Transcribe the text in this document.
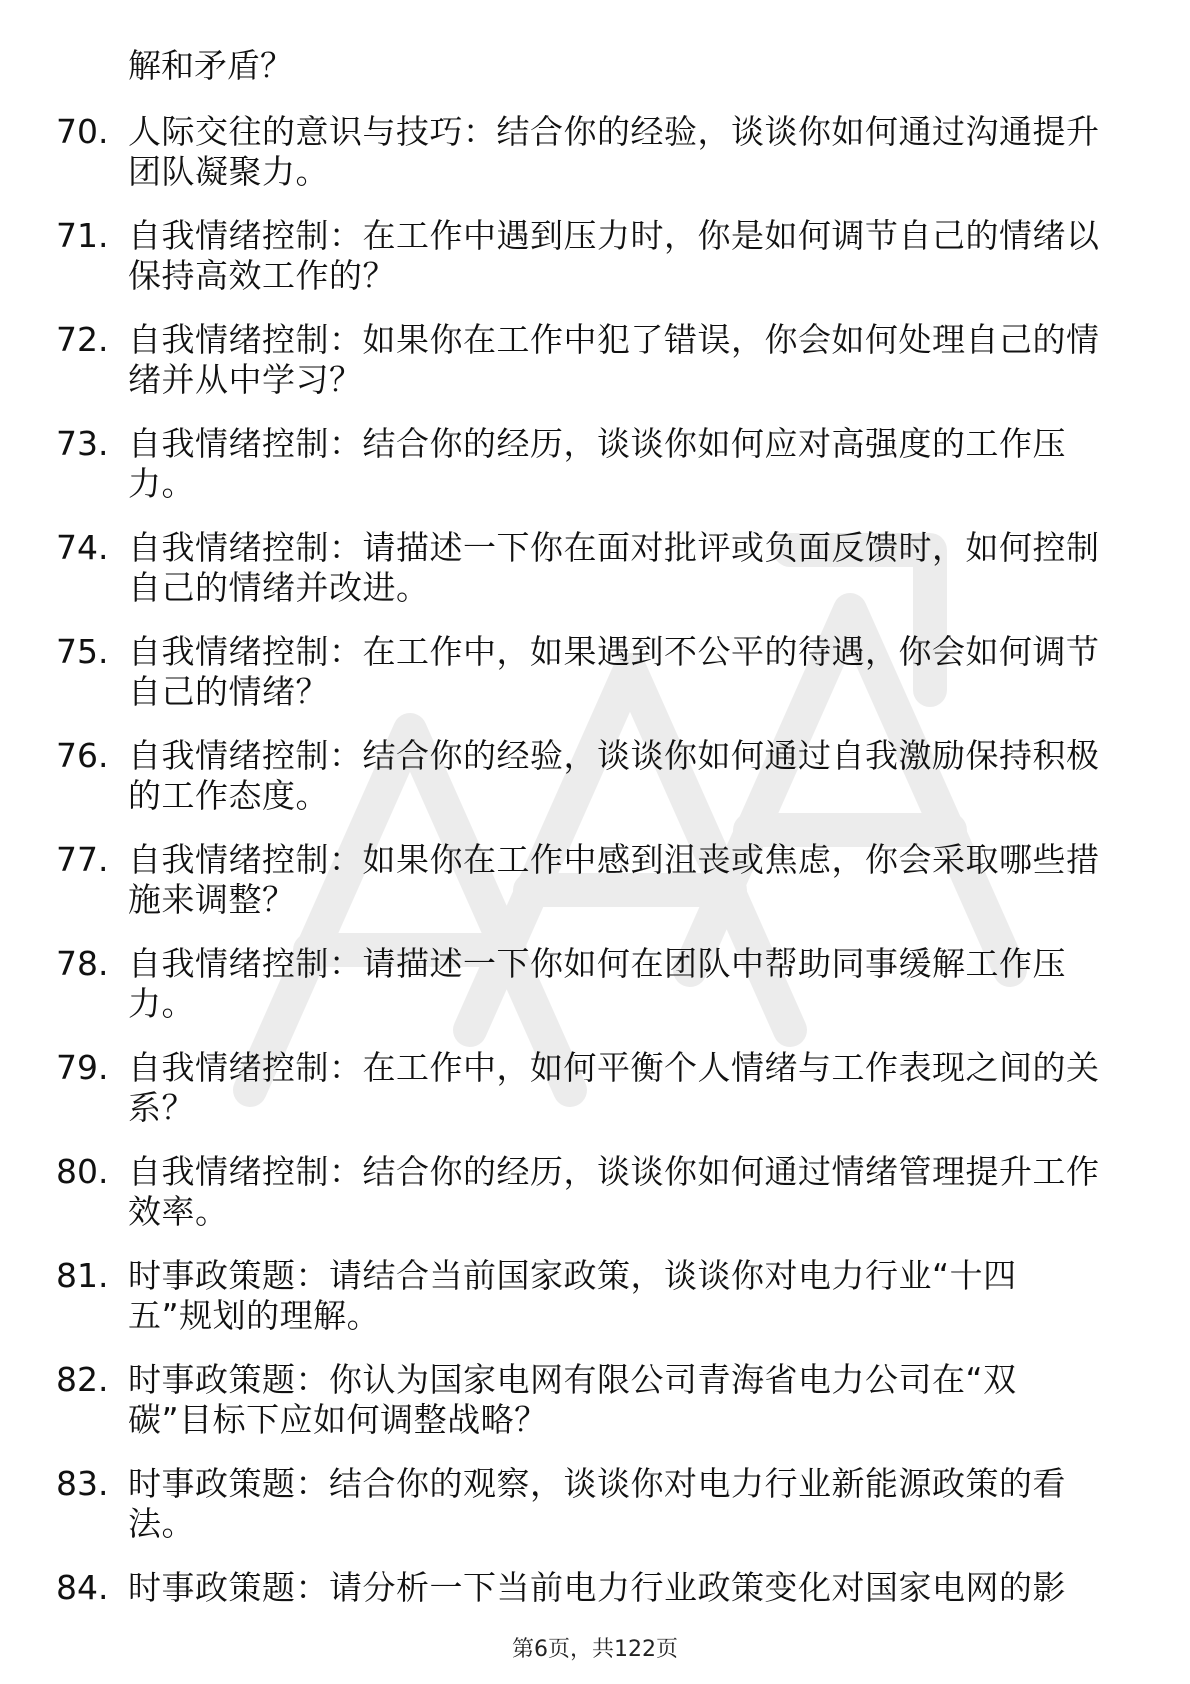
解和矛盾？
70. 人际交往的意识与技巧：结合你的经验，谈谈你如何通过沟通提升团队凝聚力。
71. 自我情绪控制：在工作中遇到压力时，你是如何调节自己的情绪以保持高效工作的？
72. 自我情绪控制：如果你在工作中犯了错误，你会如何处理自己的情绪并从中学习？
73. 自我情绪控制：结合你的经历，谈谈你如何应对高强度的工作压力。
74. 自我情绪控制：请描述一下你在面对批评或负面反馈时，如何控制自己的情绪并改进。
75. 自我情绪控制：在工作中，如果遇到不公平的待遇，你会如何调节自己的情绪？
76. 自我情绪控制：结合你的经验，谈谈你如何通过自我激励保持积极的工作态度。
77. 自我情绪控制：如果你在工作中感到沮丧或焦虑，你会采取哪些措施来调整？
78. 自我情绪控制：请描述一下你如何在团队中帮助同事缓解工作压力。
79. 自我情绪控制：在工作中，如何平衡个人情绪与工作表现之间的关系？
80. 自我情绪控制：结合你的经历，谈谈你如何通过情绪管理提升工作效率。
81. 时事政策题：请结合当前国家政策，谈谈你对电力行业“十四五”规划的理解。
82. 时事政策题：你认为国家电网有限公司青海省电力公司在“双碳”目标下应如何调整战略？
83. 时事政策题：结合你的观察，谈谈你对电力行业新能源政策的看法。
84. 时事政策题：请分析一下当前电力行业政策变化对国家电网的影
第6页，共122页
